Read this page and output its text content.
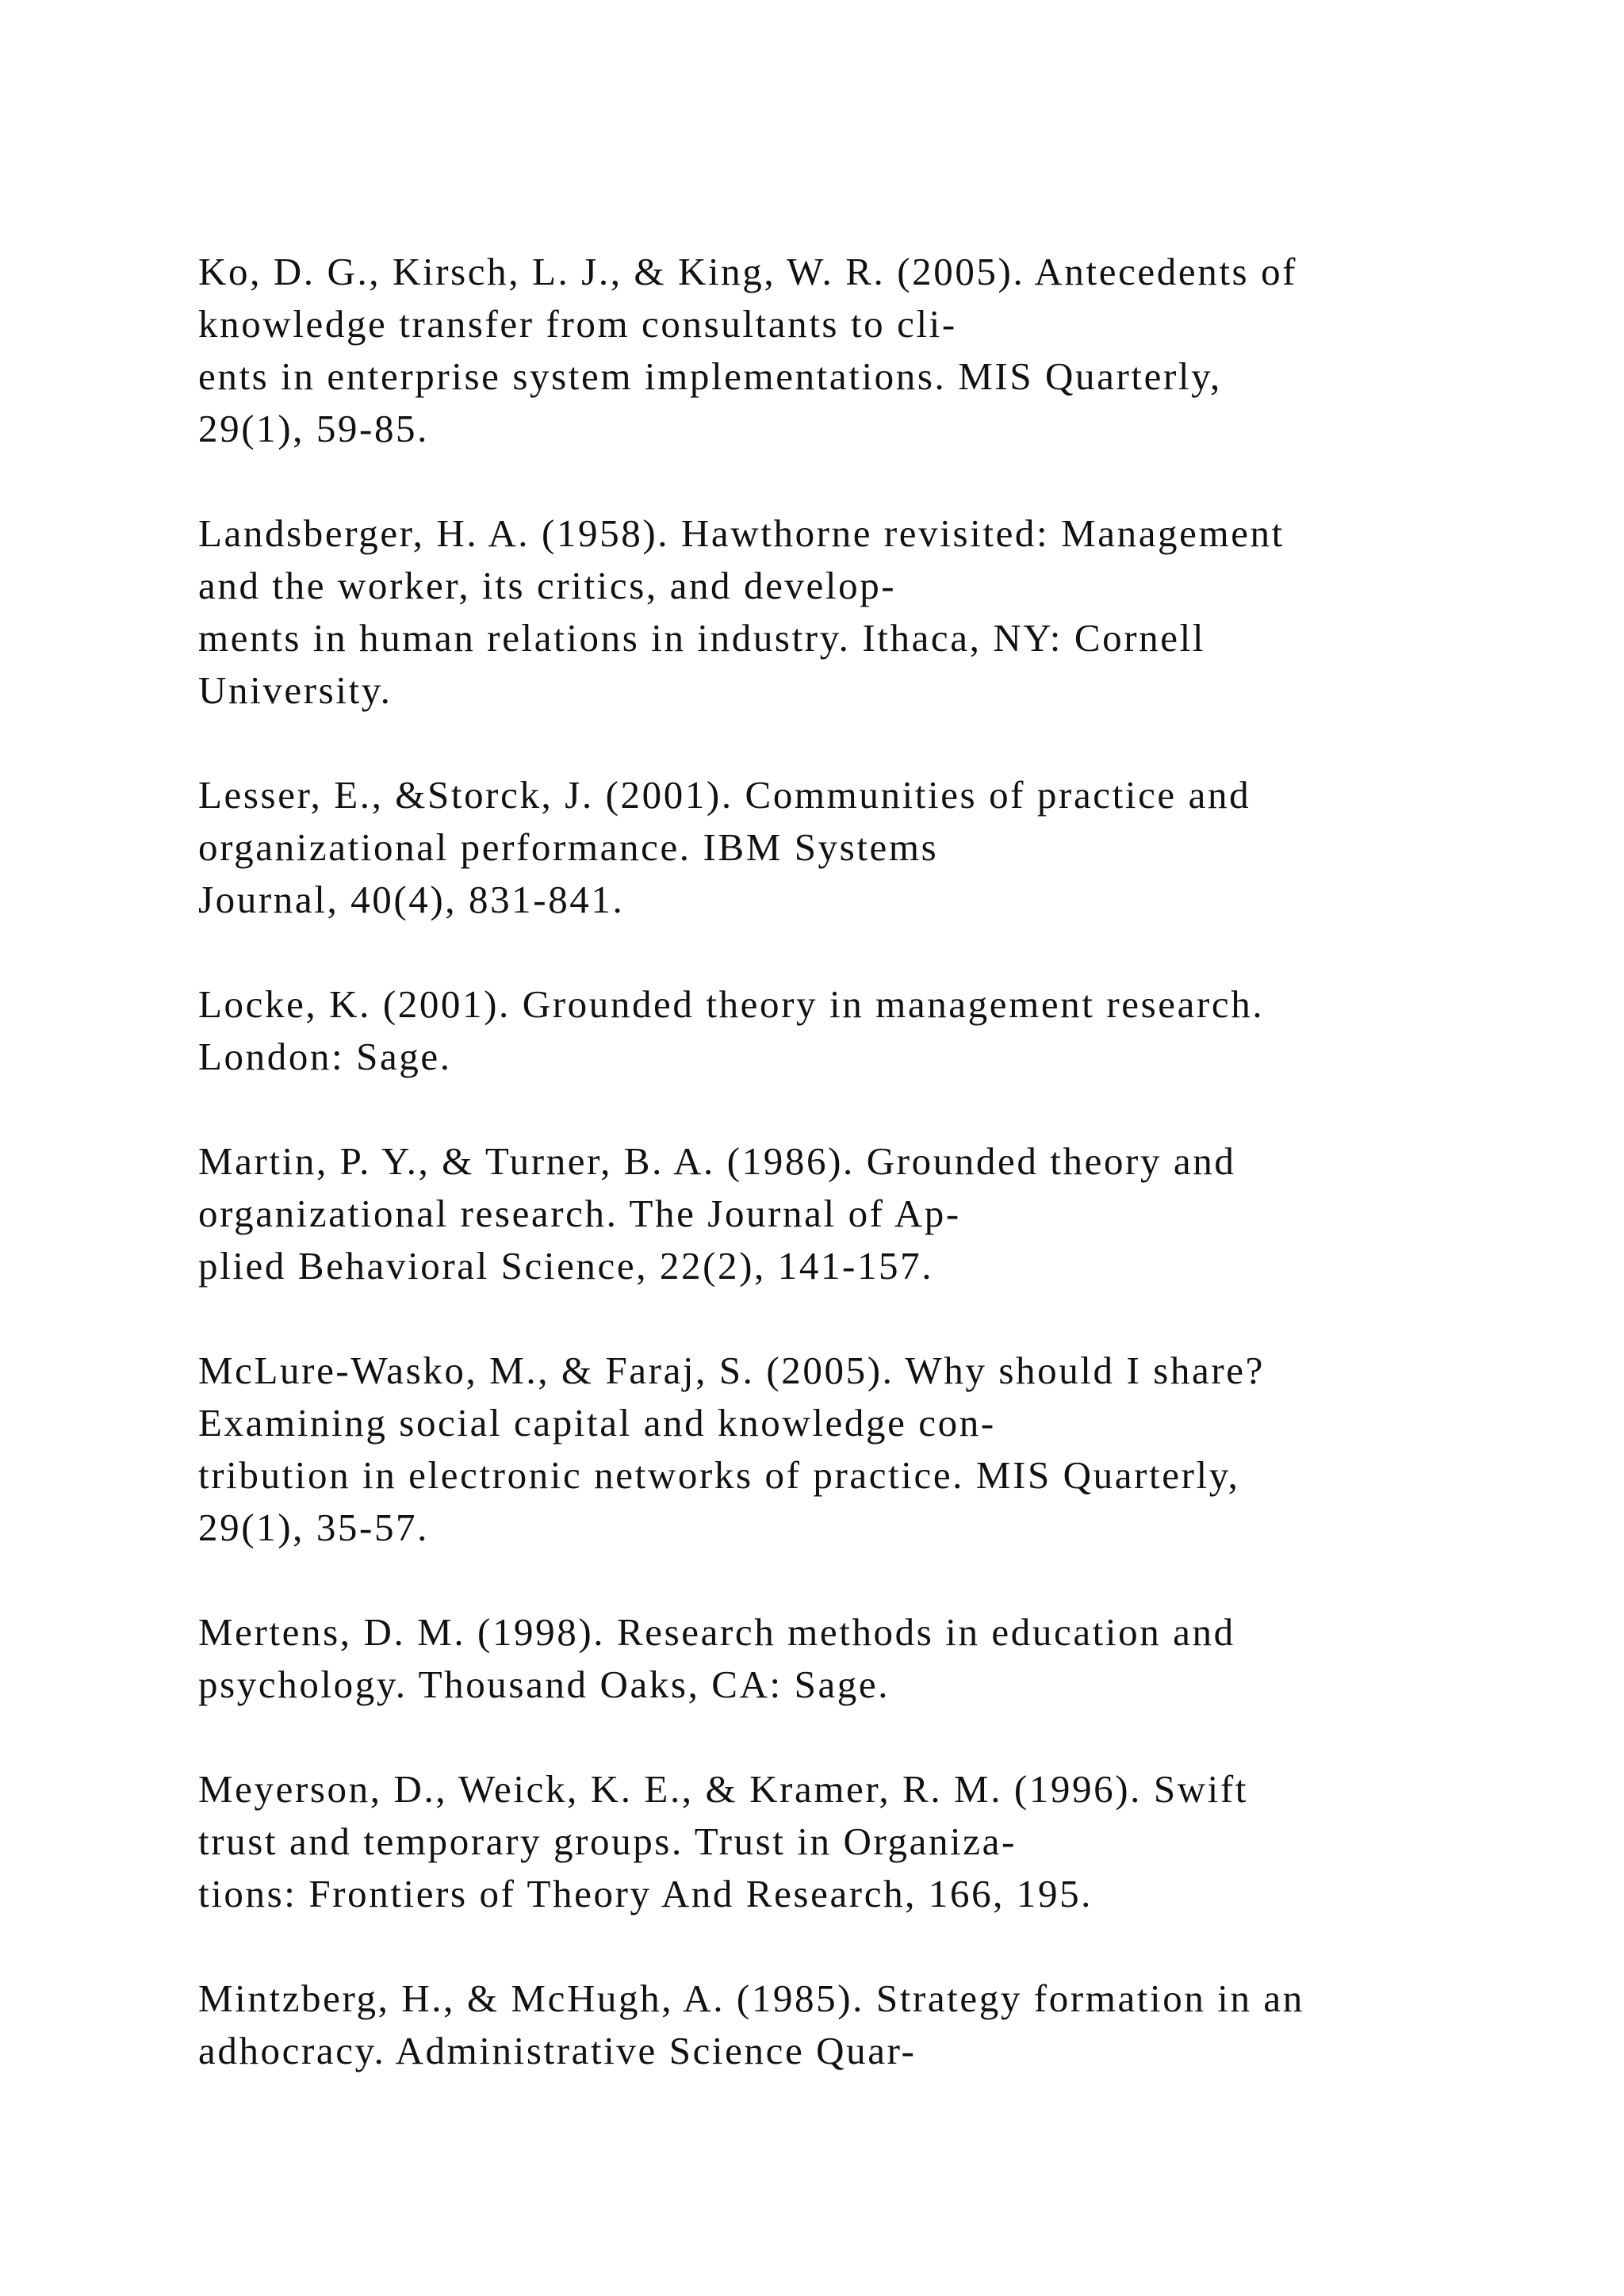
Ko, D. G., Kirsch, L. J., & King, W. R. (2005). Antecedents of
knowledge transfer from consultants to cli-
ents in enterprise system implementations. MIS Quarterly,
29(1), 59-85.
Landsberger, H. A. (1958). Hawthorne revisited: Management
and the worker, its critics, and develop-
ments in human relations in industry. Ithaca, NY: Cornell
University.
Lesser, E., &Storck, J. (2001). Communities of practice and
organizational performance. IBM Systems
Journal, 40(4), 831-841.
Locke, K. (2001). Grounded theory in management research.
London: Sage.
Martin, P. Y., & Turner, B. A. (1986). Grounded theory and
organizational research. The Journal of Ap-
plied Behavioral Science, 22(2), 141-157.
McLure-Wasko, M., & Faraj, S. (2005). Why should I share?
Examining social capital and knowledge con-
tribution in electronic networks of practice. MIS Quarterly,
29(1), 35-57.
Mertens, D. M. (1998). Research methods in education and
psychology. Thousand Oaks, CA: Sage.
Meyerson, D., Weick, K. E., & Kramer, R. M. (1996). Swift
trust and temporary groups. Trust in Organiza-
tions: Frontiers of Theory And Research, 166, 195.
Mintzberg, H., & McHugh, A. (1985). Strategy formation in an
adhocracy. Administrative Science Quar-
